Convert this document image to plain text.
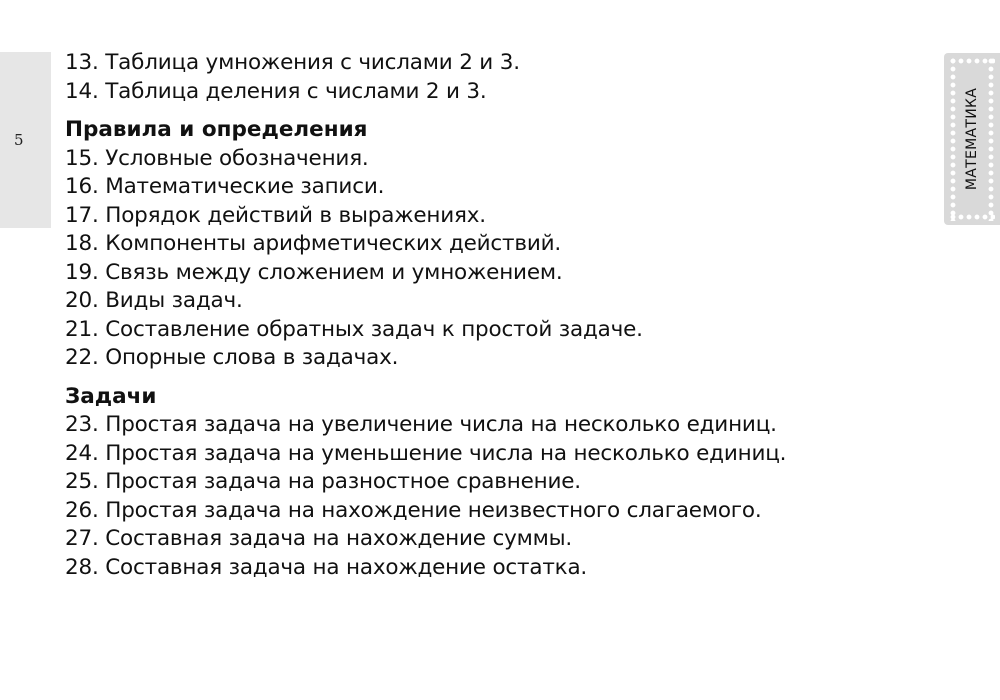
5
13. Таблица умножения с числами 2 и 3.
14. Таблица деления с числами 2 и 3.
Правила и определения
15. Условные обозначения.
16. Математические записи.
17. Порядок действий в выражениях.
18. Компоненты арифметических действий.
19. Связь между сложением и умножением.
20. Виды задач.
21. Составление обратных задач к простой задаче.
22. Опорные слова в задачах.
Задачи
23. Простая задача на увеличение числа на несколько единиц.
24. Простая задача на уменьшение числа на несколько единиц.
25. Простая задача на разностное сравнение.
26. Простая задача на нахождение неизвестного слагаемого.
27. Составная задача на нахождение суммы.
28. Составная задача на нахождение остатка.
МАТЕМАТИКА
